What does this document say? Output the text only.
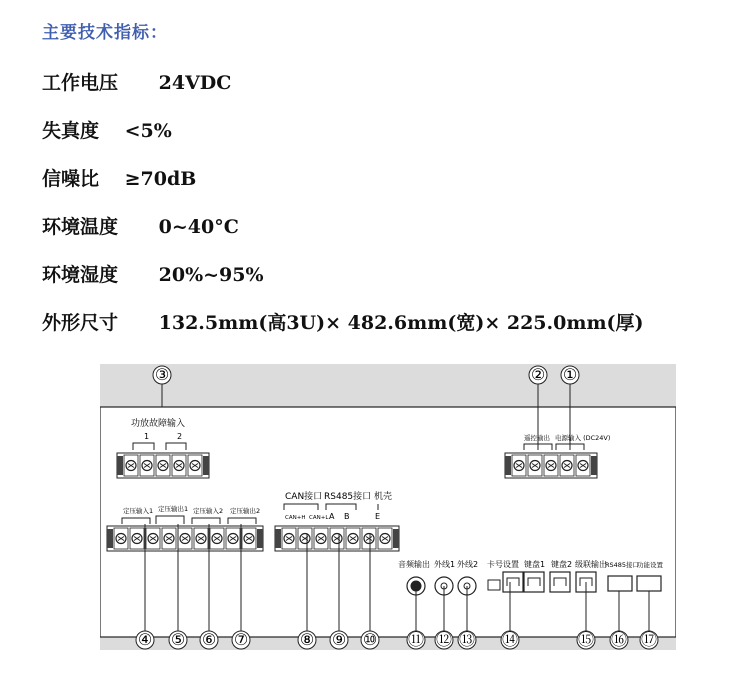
主要技术指标：
工作电压 24VDC
失真度 <5%
信噪比 ≥70dB
环境温度 0~40°C
环境湿度 20%~95%
外形尺寸 132.5mm(高3U)× 482.6mm(宽)× 225.0mm(厚)
功放故障输入
1	2	遥控输出 电源输入 (DC24V)
定压输入1 定压输出1 定压输入2 定压输出2
CAN接口 RS485接口 机壳
CAN+H CAN+L A B	E
音频输出 外线1 外线2 卡号设置 键盘1 键盘2 级联输出
RS485接口
功能设置
③	② ①
④ ⑤ ⑥ ⑦	⑧ ⑨ ⑩ ⑪ ⑫ ⑬ ⑭	⑮ ⑯ ⑰
